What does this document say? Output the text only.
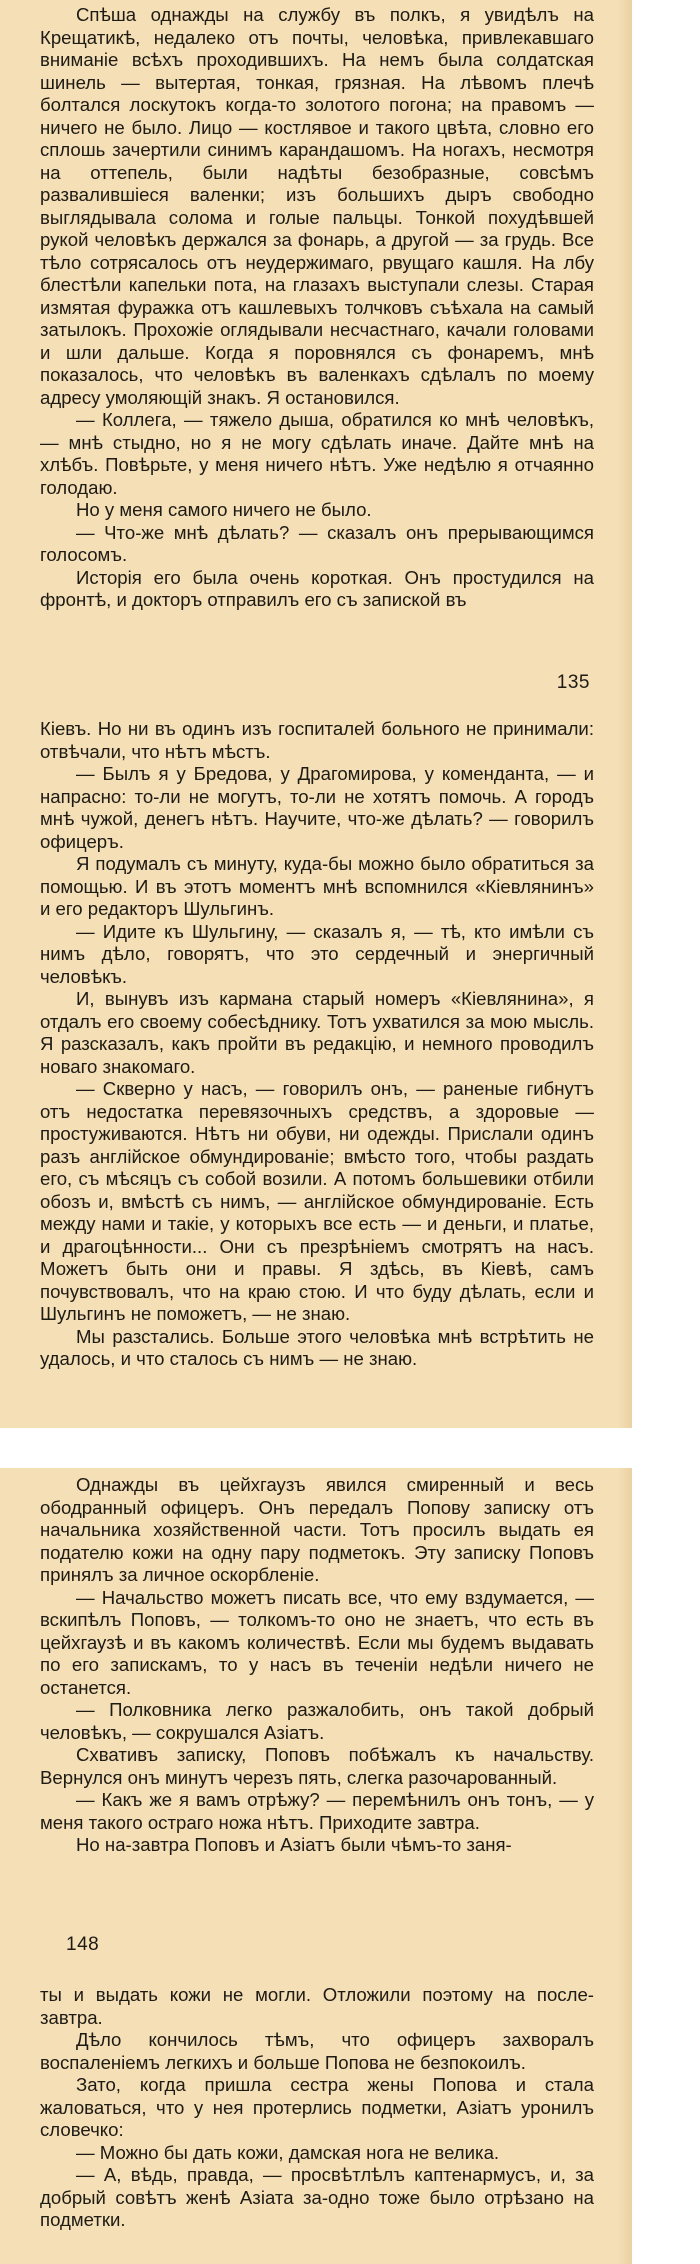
Спѣша однажды на службу въ полкъ, я увидѣлъ на Крещатикѣ, недалеко отъ почты, человѣка, привлекавшаго вниманіе всѣхъ проходившихъ. На немъ была солдатская шинель — вытертая, тонкая, грязная. На лѣвомъ плечѣ болтался лоскутокъ когда-то золотого погона; на правомъ — ничего не было. Лицо — костлявое и такого цвѣта, словно его сплошь зачертили синимъ карандашомъ. На ногахъ, несмотря на оттепель, были надѣты безобразные, совсѣмъ развалившіеся валенки; изъ большихъ дыръ свободно выглядывала солома и голые пальцы. Тонкой похудѣвшей рукой человѣкъ держался за фонарь, а другой — за грудь. Все тѣло сотрясалось отъ неудержимаго, рвущаго кашля. На лбу блестѣли капельки пота, на глазахъ выступали слезы. Старая измятая фуражка отъ кашлевыхъ толчковъ съѣхала на самый затылокъ. Прохожіе оглядывали несчастнаго, качали головами и шли дальше. Когда я поровнялся съ фонаремъ, мнѣ показалось, что человѣкъ въ валенкахъ сдѣлалъ по моему адресу умоляющій знакъ. Я остановился.

— Коллега, — тяжело дыша, обратился ко мнѣ человѣкъ, — мнѣ стыдно, но я не могу сдѣлать иначе. Дайте мнѣ на хлѣбъ. Повѣрьте, у меня ничего нѣтъ. Уже недѣлю я отчаянно голодаю.

Но у меня самого ничего не было.

— Что-же мнѣ дѣлать? — сказалъ онъ прерывающимся голосомъ.

Исторія его была очень короткая. Онъ простудился на фронтѣ, и докторъ отправилъ его съ запиской въ

135

Кіевъ. Но ни въ одинъ изъ госпиталей больного не принимали: отвѣчали, что нѣтъ мѣстъ.

— Былъ я у Бредова, у Драгомирова, у коменданта, — и напрасно: то-ли не могутъ, то-ли не хотятъ помочь. А городъ мнѣ чужой, денегъ нѣтъ. Научите, что-же дѣлать? — говорилъ офицеръ.

Я подумалъ съ минуту, куда-бы можно было обратиться за помощью. И въ этотъ моментъ мнѣ вспомнился «Кіевлянинъ» и его редакторъ Шульгинъ.

— Идите къ Шульгину, — сказалъ я, — тѣ, кто имѣли съ нимъ дѣло, говорятъ, что это сердечный и энергичный человѣкъ.

И, вынувъ изъ кармана старый номеръ «Кіевлянина», я отдалъ его своему собесѣднику. Тотъ ухватился за мою мысль. Я разсказалъ, какъ пройти въ редакцію, и немного проводилъ новаго знакомаго.

— Скверно у насъ, — говорилъ онъ, — раненые гибнутъ отъ недостатка перевязочныхъ средствъ, а здоровые — простуживаются. Нѣтъ ни обуви, ни одежды. Прислали одинъ разъ англійское обмундированіе; вмѣсто того, чтобы раздать его, съ мѣсяцъ съ собой возили. А потомъ большевики отбили обозъ и, вмѣстѣ съ нимъ, — англійское обмундированіе. Есть между нами и такіе, у которыхъ все есть — и деньги, и платье, и драгоцѣнности... Они съ презрѣніемъ смотрятъ на насъ. Можетъ быть они и правы. Я здѣсь, въ Кіевѣ, самъ почувствовалъ, что на краю стою. И что буду дѣлать, если и Шульгинъ не поможетъ, — не знаю.

Мы разстались. Больше этого человѣка мнѣ встрѣтить не удалось, и что сталось съ нимъ — не знаю.

Однажды въ цейхгаузъ явился смиренный и весь ободранный офицеръ. Онъ передалъ Попову записку отъ начальника хозяйственной части. Тотъ просилъ выдать ея подателю кожи на одну пару подметокъ. Эту записку Поповъ принялъ за личное оскорбленіе.

— Начальство можетъ писать все, что ему вздумается, — вскипѣлъ Поповъ, — толкомъ-то оно не знаетъ, что есть въ цейхгаузѣ и въ какомъ количествѣ. Если мы будемъ выдавать по его запискамъ, то у насъ въ теченіи недѣли ничего не останется.

— Полковника легко разжалобить, онъ такой добрый человѣкъ, — сокрушался Азіатъ.

Схвативъ записку, Поповъ побѣжалъ къ начальству. Вернулся онъ минутъ черезъ пять, слегка разочарованный.

— Какъ же я вамъ отрѣжу? — перемѣнилъ онъ тонъ, — у меня такого остраго ножа нѣтъ. Приходите завтра.

Но на-завтра Поповъ и Азіатъ были чѣмъ-то заня-

148

ты и выдать кожи не могли. Отложили поэтому на после-завтра.

Дѣло кончилось тѣмъ, что офицеръ захворалъ воспаленіемъ легкихъ и больше Попова не безпокоилъ.

Зато, когда пришла сестра жены Попова и стала жаловаться, что у нея протерлись подметки, Азіатъ уронилъ словечко:

— Можно бы дать кожи, дамская нога не велика.

— А, вѣдь, правда, — просвѣтлѣлъ каптенармусъ, и, за добрый совѣтъ женѣ Азіата за-одно тоже было отрѣзано на подметки.
